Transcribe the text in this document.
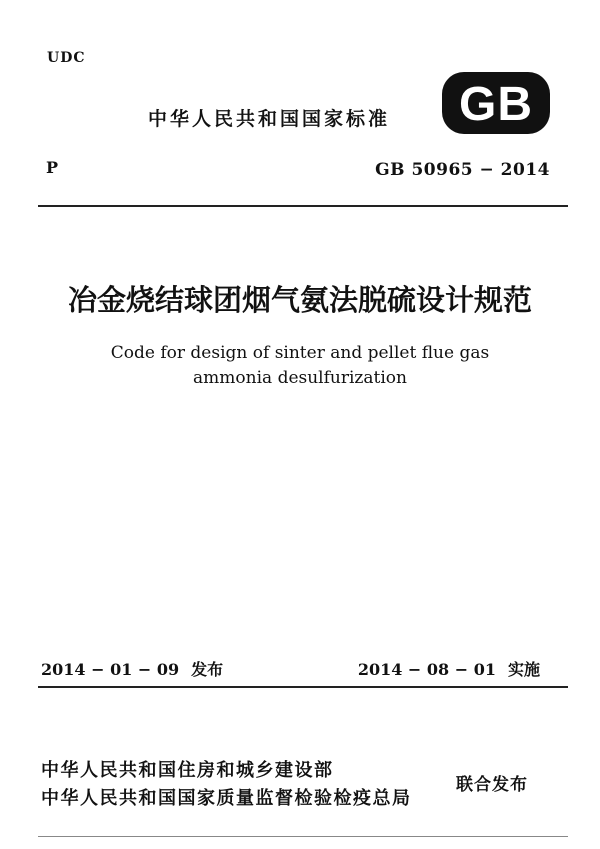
UDC
中华人民共和国国家标准 GB
P	GB 50965 − 2014
冶金烧结球团烟气氨法脱硫设计规范
Code for design of sinter and pellet flue gas
ammonia desulfurization
2014 − 01 − 09 发布	2014 − 08 − 01 实施
中华人民共和国住房和城乡建设部
中华人民共和国国家质量监督检验检疫总局
联合发布
